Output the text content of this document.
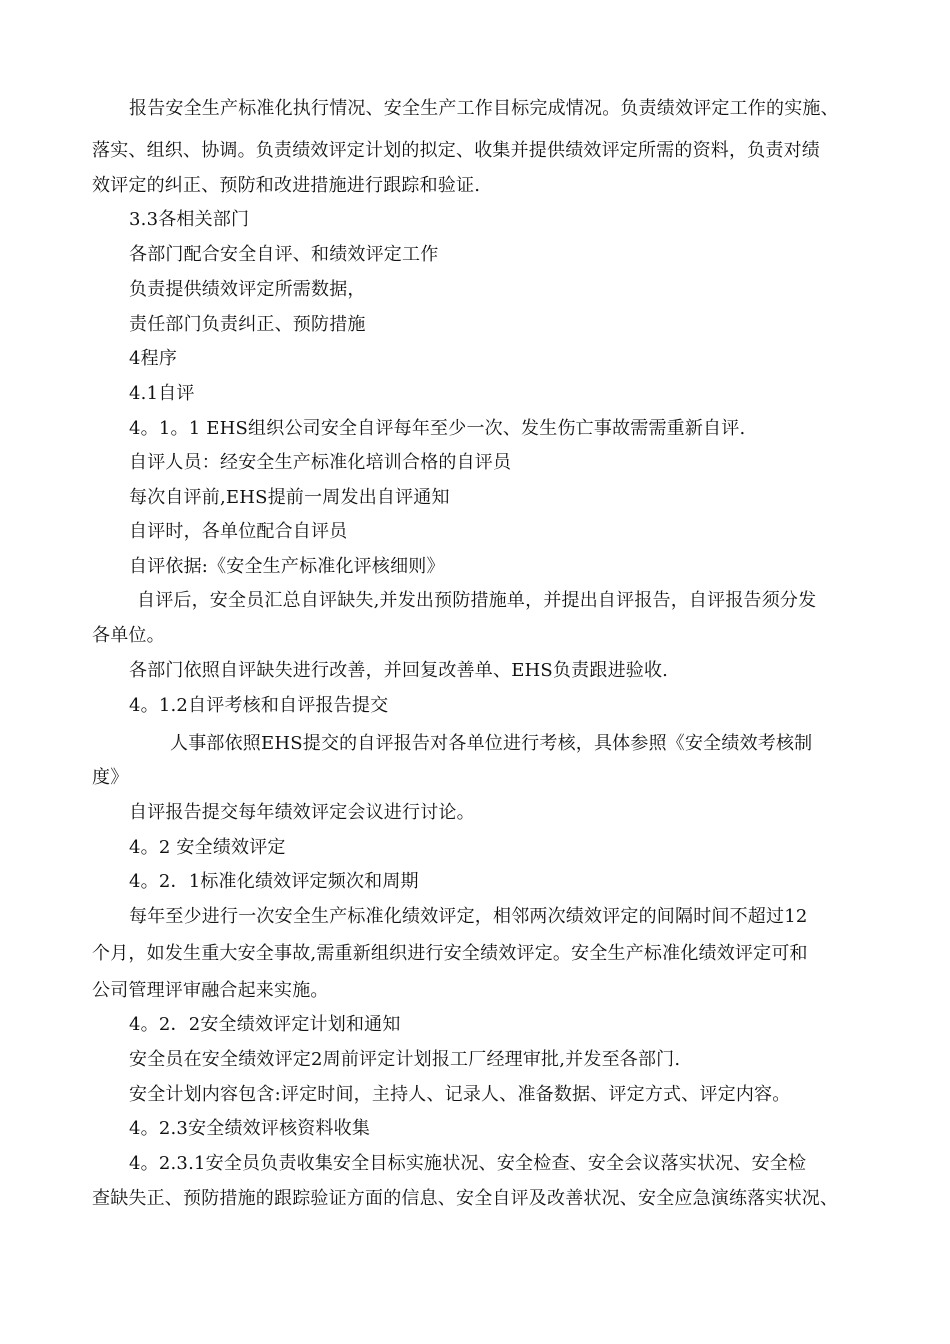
报告安全生产标准化执行情况、安全生产工作目标完成情况。负责绩效评定工作的实施、
落实、组织、协调。负责绩效评定计划的拟定、收集并提供绩效评定所需的资料，负责对绩
效评定的纠正、预防和改进措施进行跟踪和验证.
3.3各相关部门
各部门配合安全自评、和绩效评定工作
负责提供绩效评定所需数据，
责任部门负责纠正、预防措施
4程序
4.1自评
4。1。1 EHS组织公司安全自评每年至少一次、发生伤亡事故需需重新自评.
自评人员：经安全生产标准化培训合格的自评员
每次自评前,EHS提前一周发出自评通知
自评时，各单位配合自评员
自评依据:《安全生产标准化评核细则》
自评后，安全员汇总自评缺失,并发出预防措施单，并提出自评报告，自评报告须分发
各单位。
各部门依照自评缺失进行改善，并回复改善单、EHS负责跟进验收.
4。1.2自评考核和自评报告提交
人事部依照EHS提交的自评报告对各单位进行考核，具体参照《安全绩效考核制
度》
自评报告提交每年绩效评定会议进行讨论。
4。2 安全绩效评定
4。2．1标准化绩效评定频次和周期
每年至少进行一次安全生产标准化绩效评定，相邻两次绩效评定的间隔时间不超过12
个月，如发生重大安全事故,需重新组织进行安全绩效评定。安全生产标准化绩效评定可和
公司管理评审融合起来实施。
4。2．2安全绩效评定计划和通知
安全员在安全绩效评定2周前评定计划报工厂经理审批,并发至各部门.
安全计划内容包含:评定时间，主持人、记录人、准备数据、评定方式、评定内容。
4。2.3安全绩效评核资料收集
4。2.3.1安全员负责收集安全目标实施状况、安全检查、安全会议落实状况、安全检
查缺失正、预防措施的跟踪验证方面的信息、安全自评及改善状况、安全应急演练落实状况、
